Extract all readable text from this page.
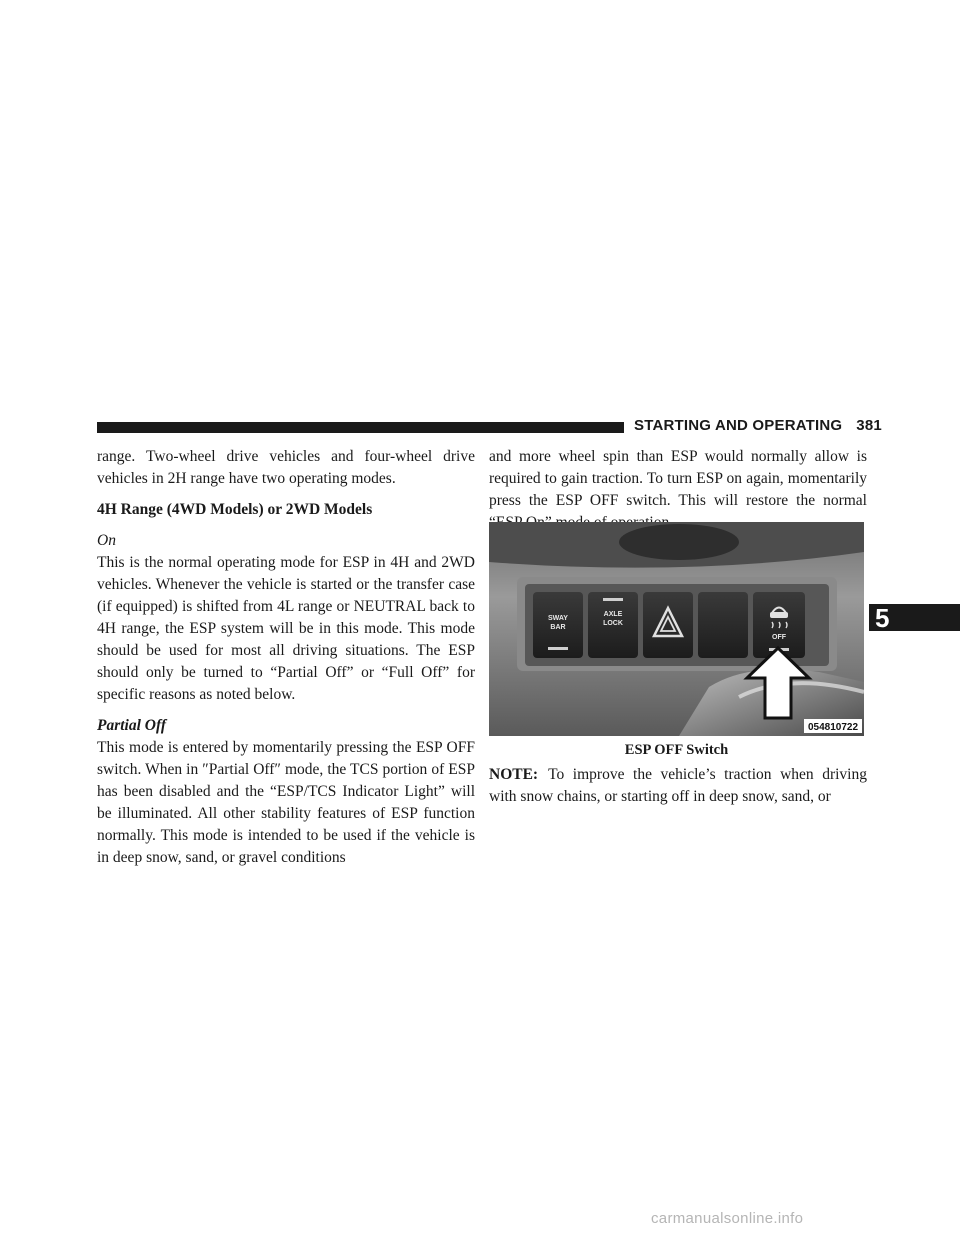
STARTING AND OPERATING 381
5

range. Two-wheel drive vehicles and four-wheel drive vehicles in 2H range have two operating modes.

4H Range (4WD Models) or 2WD Models

On

This is the normal operating mode for ESP in 4H and 2WD vehicles. Whenever the vehicle is started or the transfer case (if equipped) is shifted from 4L range or NEUTRAL back to 4H range, the ESP system will be in this mode. This mode should be used for most all driving situations. The ESP should only be turned to “Partial Off” or “Full Off” for specific reasons as noted below.

Partial Off

This mode is entered by momentarily pressing the ESP OFF switch. When in ″Partial Off″ mode, the TCS portion of ESP has been disabled and the “ESP/TCS Indicator Light” will be illuminated. All other stability features of ESP function normally. This mode is intended to be used if the vehicle is in deep snow, sand, or gravel conditions

and more wheel spin than ESP would normally allow is required to gain traction. To turn ESP on again, momentarily press the ESP OFF switch. This will restore the normal

SWAY
BAR
AXLE
LOCK
OFF
054810722
ESP OFF Switch

NOTE: To improve the vehicle’s traction when driving with snow chains, or starting off in deep snow, sand, or

carmanualsonline.info
